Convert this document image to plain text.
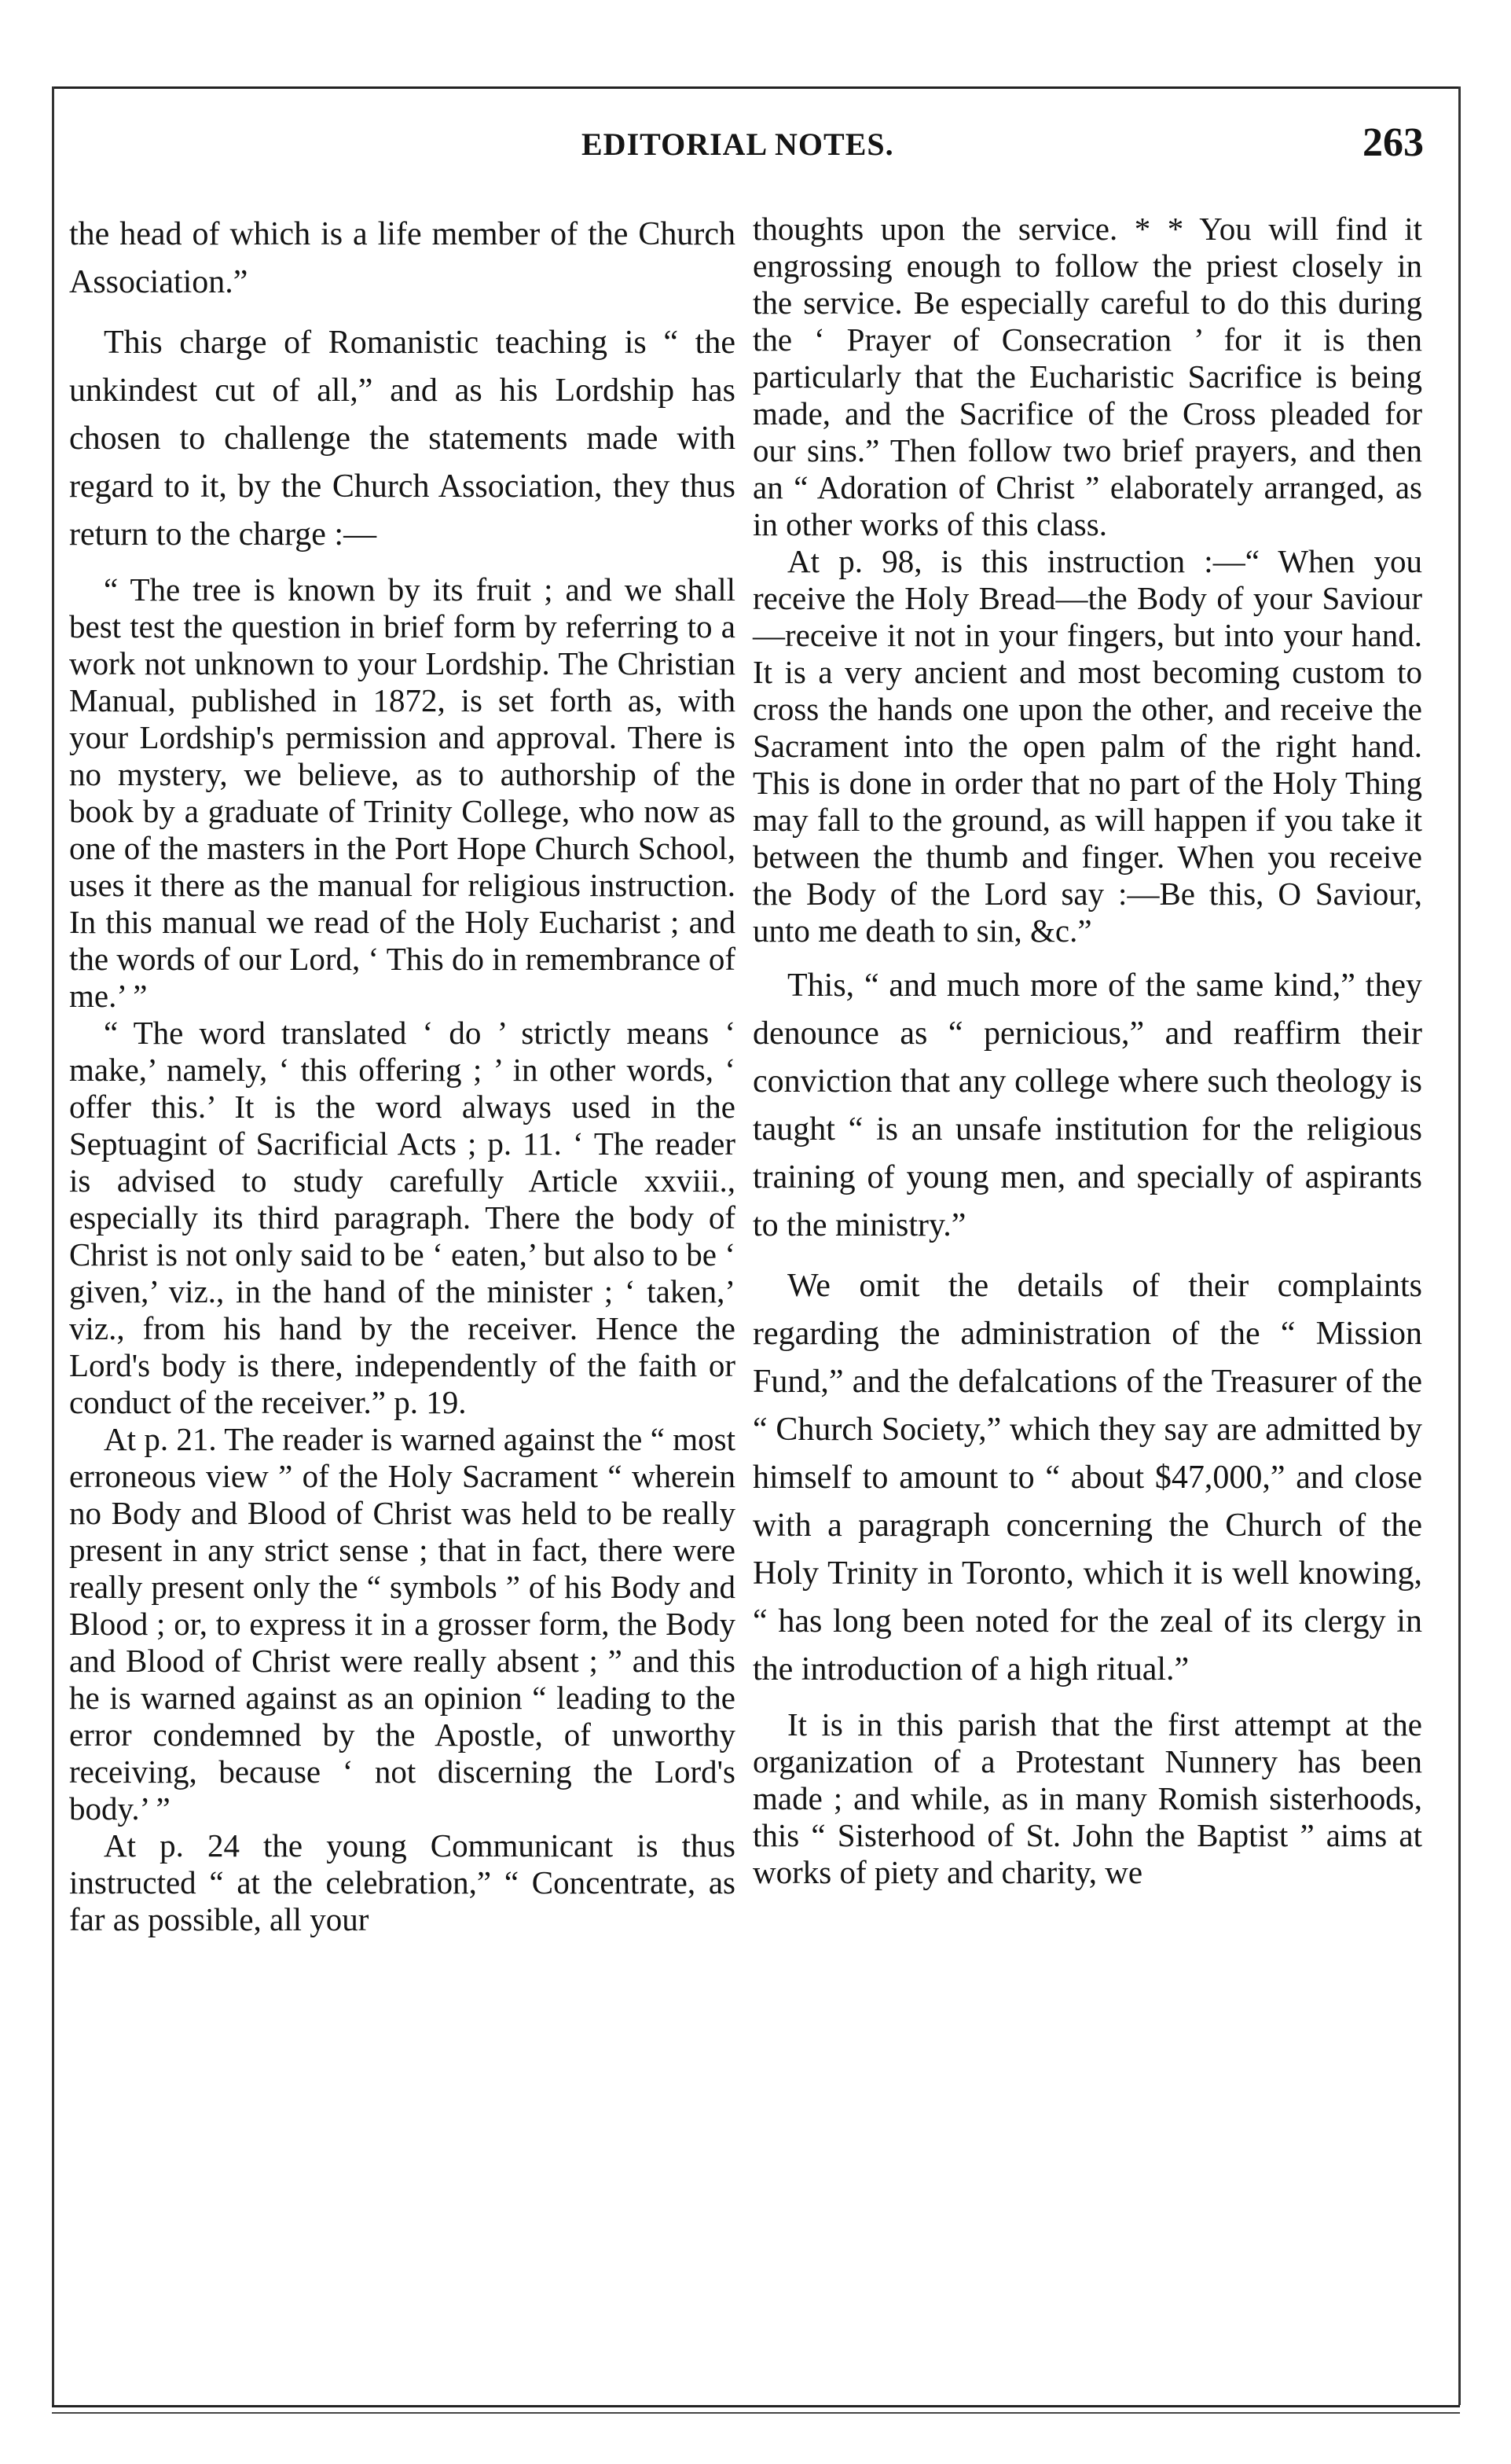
EDITORIAL NOTES.	263

the head of which is a life member of the Church Association.”

This charge of Romanistic teaching is “ the unkindest cut of all,” and as his Lordship has chosen to challenge the statements made with regard to it, by the Church Association, they thus return to the charge :—

“ The tree is known by its fruit ; and we shall best test the question in brief form by referring to a work not unknown to your Lordship. The Christian Manual, published in 1872, is set forth as, with your Lordship's permission and approval. There is no mystery, we believe, as to authorship of the book by a graduate of Trinity College, who now as one of the masters in the Port Hope Church School, uses it there as the manual for religious instruction. In this manual we read of the Holy Eucharist ; and the words of our Lord, ‘ This do in remembrance of me.’ ”

“ The word translated ‘ do ’ strictly means ‘ make,’ namely, ‘ this offering ; ’ in other words, ‘ offer this.’ It is the word always used in the Septuagint of Sacrificial Acts ; p. 11. ‘ The reader is advised to study carefully Article xxviii., especially its third paragraph. There the body of Christ is not only said to be ‘ eaten,’ but also to be ‘ given,’ viz., in the hand of the minister ; ‘ taken,’ viz., from his hand by the receiver. Hence the Lord's body is there, independently of the faith or conduct of the receiver.” p. 19.

At p. 21. The reader is warned against the “ most erroneous view ” of the Holy Sacrament “ wherein no Body and Blood of Christ was held to be really present in any strict sense ; that in fact, there were really present only the “ symbols ” of his Body and Blood ; or, to express it in a grosser form, the Body and Blood of Christ were really absent ; ” and this he is warned against as an opinion “ leading to the error condemned by the Apostle, of unworthy receiving, because ‘ not discerning the Lord's body.’ ”

At p. 24 the young Communicant is thus instructed “ at the celebration,” “ Concentrate, as far as possible, all your

thoughts upon the service. * * You will find it engrossing enough to follow the priest closely in the service. Be especially careful to do this during the ‘ Prayer of Consecration ’ for it is then particularly that the Eucharistic Sacrifice is being made, and the Sacrifice of the Cross pleaded for our sins.” Then follow two brief prayers, and then an “ Adoration of Christ ” elaborately arranged, as in other works of this class.

At p. 98, is this instruction :—“ When you receive the Holy Bread—the Body of your Saviour—receive it not in your fingers, but into your hand. It is a very ancient and most becoming custom to cross the hands one upon the other, and receive the Sacrament into the open palm of the right hand. This is done in order that no part of the Holy Thing may fall to the ground, as will happen if you take it between the thumb and finger. When you receive the Body of the Lord say :—Be this, O Saviour, unto me death to sin, &c.”

This, “ and much more of the same kind,” they denounce as “ pernicious,” and reaffirm their conviction that any college where such theology is taught “ is an unsafe institution for the religious training of young men, and specially of aspirants to the ministry.”

We omit the details of their complaints regarding the administration of the “ Mission Fund,” and the defalcations of the Treasurer of the “ Church Society,” which they say are admitted by himself to amount to “ about $47,000,” and close with a paragraph concerning the Church of the Holy Trinity in Toronto, which it is well knowing, “ has long been noted for the zeal of its clergy in the introduction of a high ritual.”

It is in this parish that the first attempt at the organization of a Protestant Nunnery has been made ; and while, as in many Romish sisterhoods, this “ Sisterhood of St. John the Baptist ” aims at works of piety and charity, we
